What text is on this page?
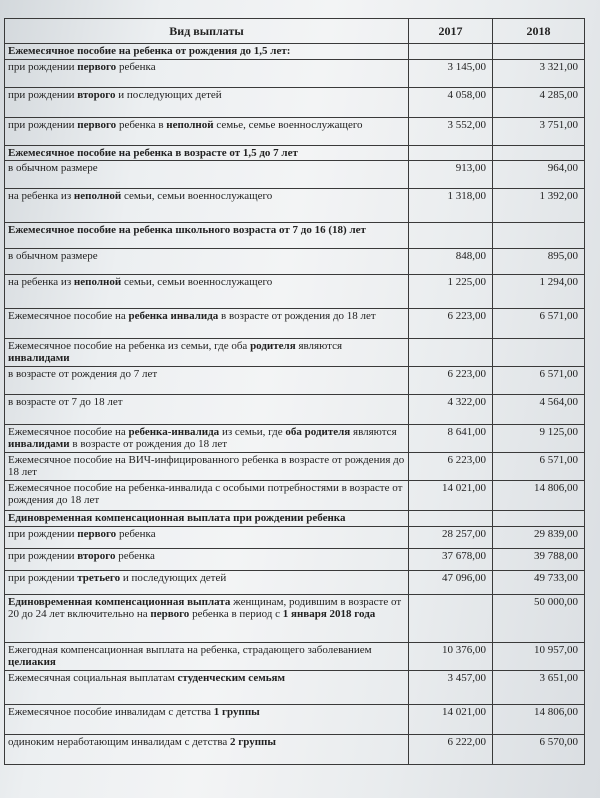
Вид выплаты	2017	2018
Ежемесячное пособие на ребенка от рождения до 1,5 лет:		
при рождении первого ребенка	3 145,00	3 321,00
при рождении второго и последующих детей	4 058,00	4 285,00
при рождении первого ребенка в неполной семье, семье военнослужащего	3 552,00	3 751,00
Ежемесячное пособие на ребенка в возрасте от 1,5 до 7 лет		
в обычном размере	913,00	964,00
на ребенка из неполной семьи, семьи военнослужащего	1 318,00	1 392,00
Ежемесячное пособие на ребенка школьного возраста от 7 до 16 (18) лет		
в обычном размере	848,00	895,00
на ребенка из неполной семьи, семьи военнослужащего	1 225,00	1 294,00
Ежемесячное пособие на ребенка инвалида в возрасте от рождения до 18 лет	6 223,00	6 571,00
Ежемесячное пособие на ребенка из семьи, где оба родителя являются инвалидами		
в возрасте от рождения до 7 лет	6 223,00	6 571,00
в возрасте от 7 до 18 лет	4 322,00	4 564,00
Ежемесячное пособие на ребенка-инвалида из семьи, где оба родителя являются инвалидами в возрасте от рождения до 18 лет	8 641,00	9 125,00
Ежемесячное пособие на ВИЧ-инфицированного ребенка в возрасте от рождения до 18 лет	6 223,00	6 571,00
Ежемесячное пособие на ребенка-инвалида с особыми потребностями в возрасте от рождения до 18 лет	14 021,00	14 806,00
Единовременная компенсационная выплата при рождении ребенка		
при рождении первого ребенка	28 257,00	29 839,00
при рождении второго ребенка	37 678,00	39 788,00
при рождении третьего и последующих детей	47 096,00	49 733,00
Единовременная компенсационная выплата женщинам, родившим в возрасте от 20 до 24 лет включительно на первого ребенка в период с 1 января 2018 года		50 000,00
Ежегодная компенсационная выплата на ребенка, страдающего заболеванием целиакия	10 376,00	10 957,00
Ежемесячная социальная выплатам студенческим семьям	3 457,00	3 651,00
Ежемесячное пособие инвалидам с детства 1 группы	14 021,00	14 806,00
одиноким неработающим инвалидам с детства 2 группы	6 222,00	6 570,00
